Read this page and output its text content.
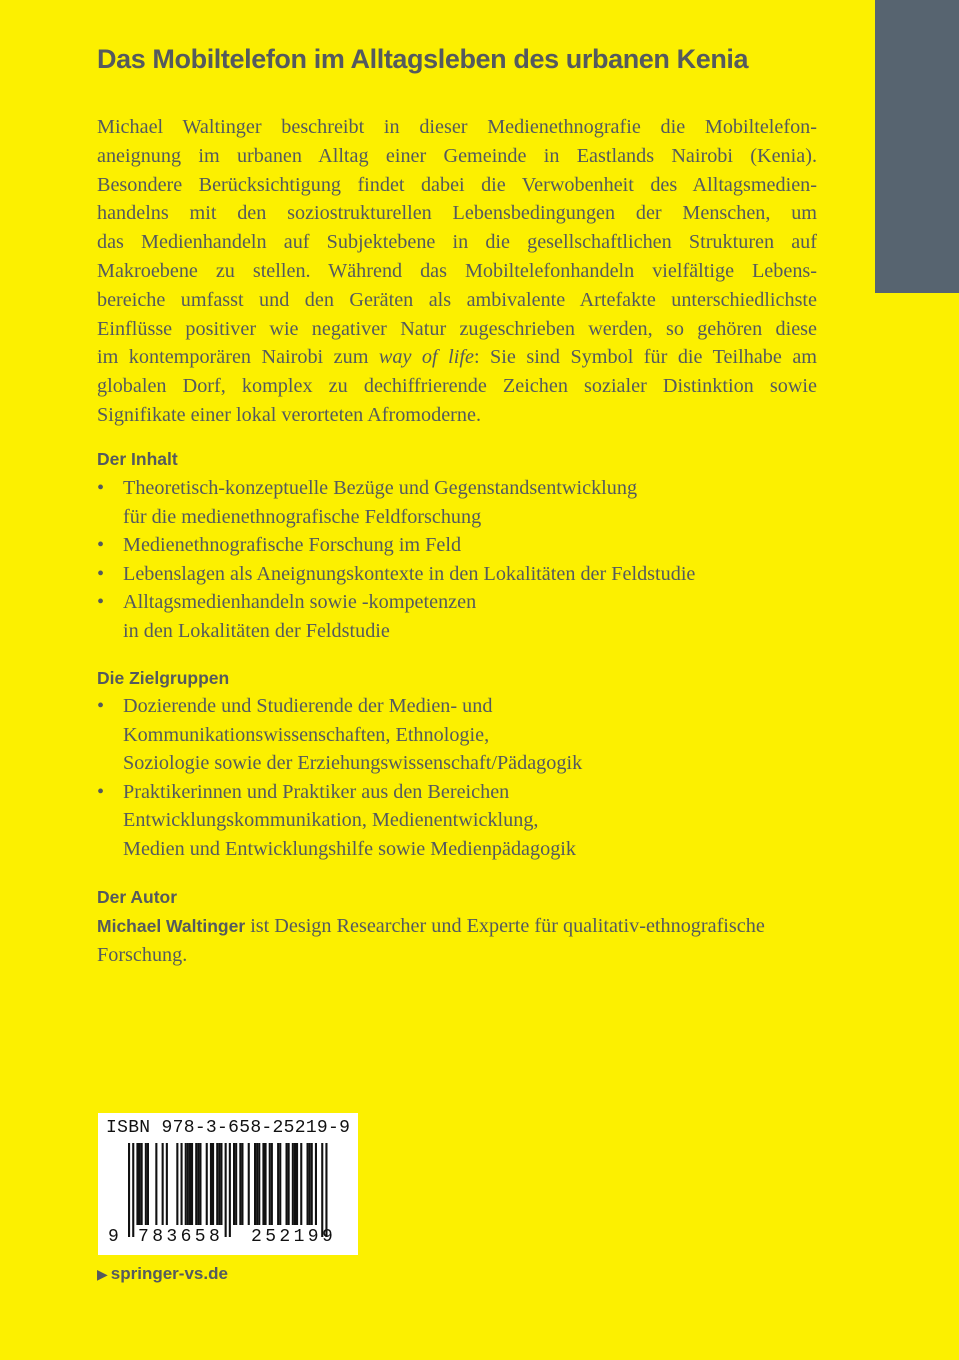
Das Mobiltelefon im Alltagsleben des urbanen Kenia
Michael Waltinger beschreibt in dieser Medienethnografie die Mobiltelefon-
aneignung im urbanen Alltag einer Gemeinde in Eastlands Nairobi (Kenia).
Besondere Berücksichtigung findet dabei die Verwobenheit des Alltagsmedien-
handelns mit den soziostrukturellen Lebensbedingungen der Menschen, um
das Medienhandeln auf Subjektebene in die gesellschaftlichen Strukturen auf
Makroebene zu stellen. Während das Mobiltelefonhandeln vielfältige Lebens-
bereiche umfasst und den Geräten als ambivalente Artefakte unterschiedlichste
Einflüsse positiver wie negativer Natur zugeschrieben werden, so gehören diese
im kontemporären Nairobi zum way of life: Sie sind Symbol für die Teilhabe am
globalen Dorf, komplex zu dechiffrierende Zeichen sozialer Distinktion sowie
Signifikate einer lokal verorteten Afromoderne.
Der Inhalt
• Theoretisch-konzeptuelle Bezüge und Gegenstandsentwicklung
für die medienethnografische Feldforschung
• Medienethnografische Forschung im Feld
• Lebenslagen als Aneignungskontexte in den Lokalitäten der Feldstudie
• Alltagsmedienhandeln sowie -kompetenzen
in den Lokalitäten der Feldstudie
Die Zielgruppen
• Dozierende und Studierende der Medien- und
Kommunikationswissenschaften, Ethnologie,
Soziologie sowie der Erziehungswissenschaft/Pädagogik
• Praktikerinnen und Praktiker aus den Bereichen
Entwicklungskommunikation, Medienentwicklung,
Medien und Entwicklungshilfe sowie Medienpädagogik
Der Autor
Michael Waltinger ist Design Researcher und Experte für qualitativ-ethnografische
Forschung.
ISBN 978-3-658-25219-9
9 783658 252199
▶ springer-vs.de
